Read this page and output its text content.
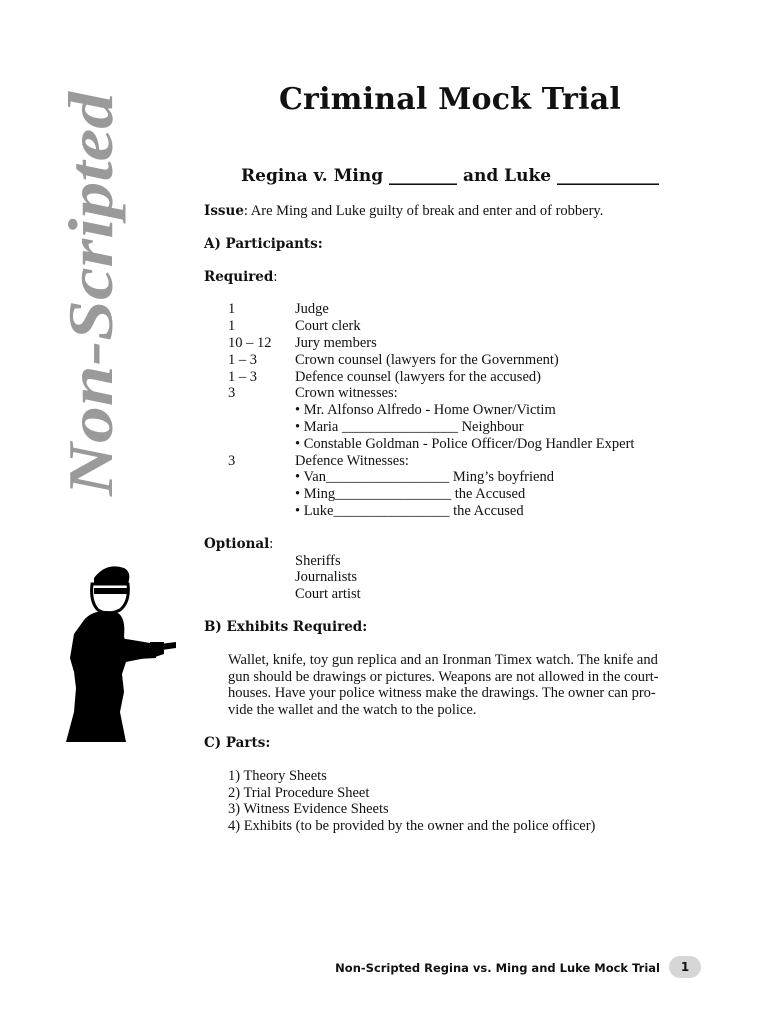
Non-Scripted
Criminal Mock Trial
Regina v. Ming ________ and Luke ____________

Issue: Are Ming and Luke guilty of break and enter and of robbery.

A) Participants:

Required:

1	Judge
1	Court clerk
10 – 12	Jury members
1 – 3	Crown counsel (lawyers for the Government)
1 – 3	Defence counsel (lawyers for the accused)
3	Crown witnesses:
• Mr. Alfonso Alfredo - Home Owner/Victim
• Maria ________________ Neighbour
• Constable Goldman - Police Officer/Dog Handler Expert

3	Defence Witnesses:
• Van_________________ Ming’s boyfriend
• Ming________________ the Accused
• Luke________________ the Accused

Optional:

Sheriffs
Journalists
Court artist

B) Exhibits Required:

Wallet, knife, toy gun replica and an Ironman Timex watch. The knife and
gun should be drawings or pictures. Weapons are not allowed in the court-
houses. Have your police witness make the drawings. The owner can pro-
vide the wallet and the watch to the police.

C) Parts:

1) Theory Sheets
2) Trial Procedure Sheet
3) Witness Evidence Sheets
4) Exhibits (to be provided by the owner and the police officer)
Non-Scripted Regina vs. Ming and Luke Mock Trial	1
